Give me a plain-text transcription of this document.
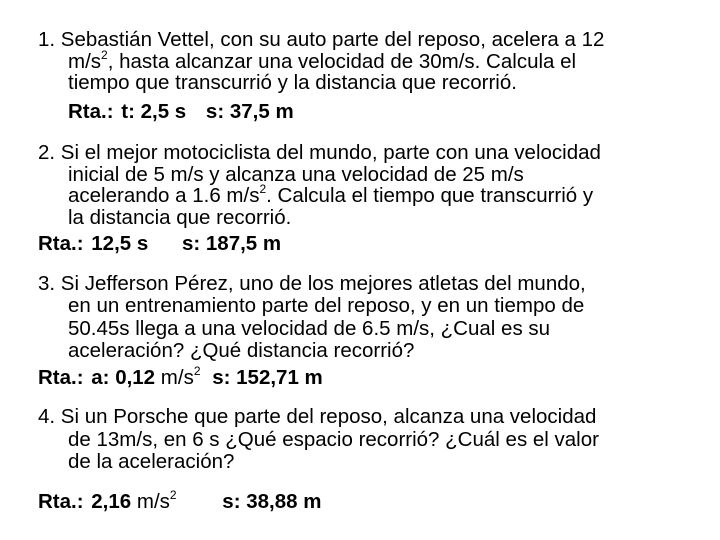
1. Sebastián Vettel, con su auto parte del reposo, acelera a 12
$m/s^2$, hasta alcanzar una velocidad de 30m/s. Calcula el
tiempo que transcurrió y la distancia que recorrió.
Rta.: t: 2,5 s s: 37,5 m
2. Si el mejor motociclista del mundo, parte con una velocidad
inicial de 5 m/s y alcanza una velocidad de 25 m/s
acelerando a 1.6 $m/s^2$. Calcula el tiempo que transcurrió y
la distancia que recorrió.
Rta.: 12,5 s s: 187,5 m
3. Si Jefferson Pérez, uno de los mejores atletas del mundo,
en un entrenamiento parte del reposo, y en un tiempo de
50.45s llega a una velocidad de 6.5 m/s, ¿Cual es su
aceleración? ¿Qué distancia recorrió?
Rta.: a: 0,12 $m/s^2$ s: 152,71 m
4. Si un Porsche que parte del reposo, alcanza una velocidad
de 13m/s, en 6 s ¿Qué espacio recorrió? ¿Cuál es el valor
de la aceleración?
Rta.: 2,16 $m/s^2$ s: 38,88 m
